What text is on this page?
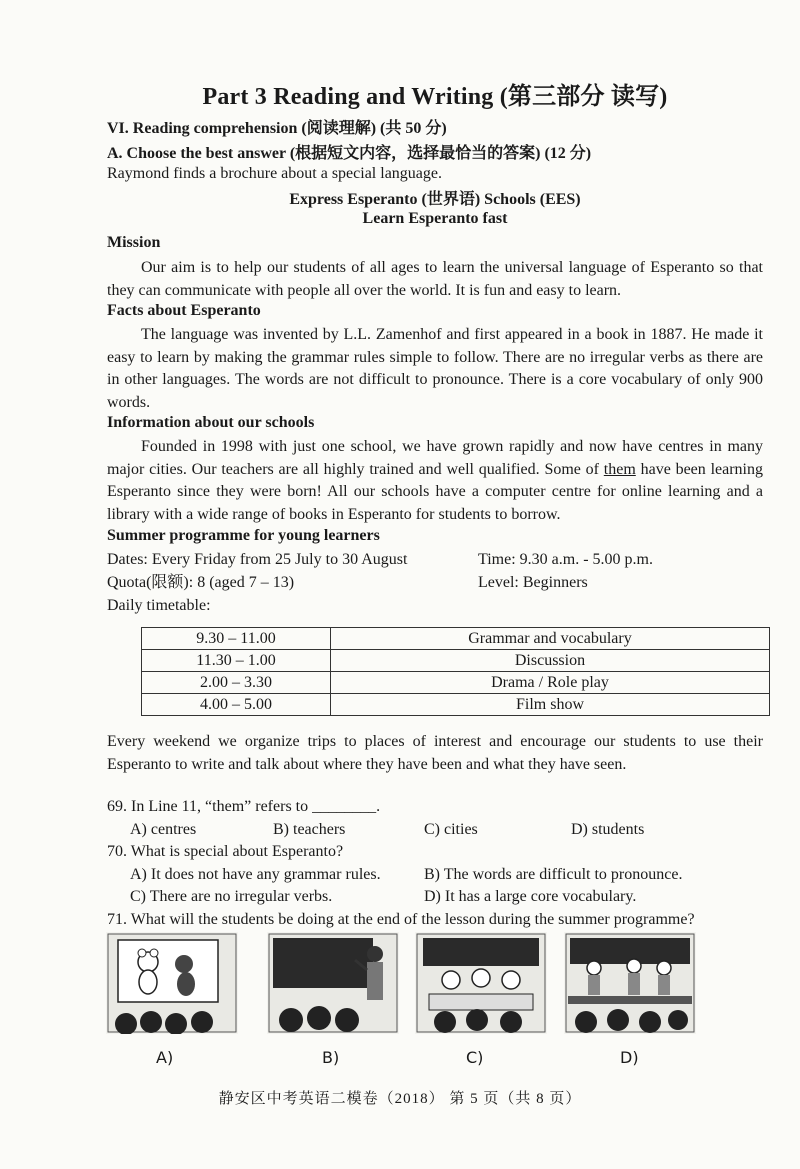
Part 3 Reading and Writing (第三部分 读写)
VI. Reading comprehension (阅读理解) (共 50 分)
A. Choose the best answer (根据短文内容，选择最恰当的答案) (12 分)
Raymond finds a brochure about a special language.
Express Esperanto (世界语) Schools (EES)
Learn Esperanto fast
Mission
Our aim is to help our students of all ages to learn the universal language of Esperanto so that they can communicate with people all over the world. It is fun and easy to learn.
Facts about Esperanto
The language was invented by L.L. Zamenhof and first appeared in a book in 1887. He made it easy to learn by making the grammar rules simple to follow. There are no irregular verbs as there are in other languages. The words are not difficult to pronounce. There is a core vocabulary of only 900 words.
Information about our schools
Founded in 1998 with just one school, we have grown rapidly and now have centres in many major cities. Our teachers are all highly trained and well qualified. Some of them have been learning Esperanto since they were born! All our schools have a computer centre for online learning and a library with a wide range of books in Esperanto for students to borrow.
Summer programme for young learners
Dates: Every Friday from 25 July to 30 August	Time: 9.30 a.m. - 5.00 p.m.
Quota(限额): 8 (aged 7 – 13)	Level: Beginners
Daily timetable:
9.30 – 11.00	Grammar and vocabulary
11.30 – 1.00	Discussion
2.00 – 3.30	Drama / Role play
4.00 – 5.00	Film show
Every weekend we organize trips to places of interest and encourage our students to use their Esperanto to write and talk about where they have been and what they have seen.
69. In Line 11, “them” refers to ________.
A) centres	B) teachers	C) cities	D) students
70. What is special about Esperanto?
A) It does not have any grammar rules.	B) The words are difficult to pronounce.
C) There are no irregular verbs.	D) It has a large core vocabulary.
71. What will the students be doing at the end of the lesson during the summer programme?
A)	B)	C)	D)
静安区中考英语二模卷（2018） 第 5 页（共 8 页）
